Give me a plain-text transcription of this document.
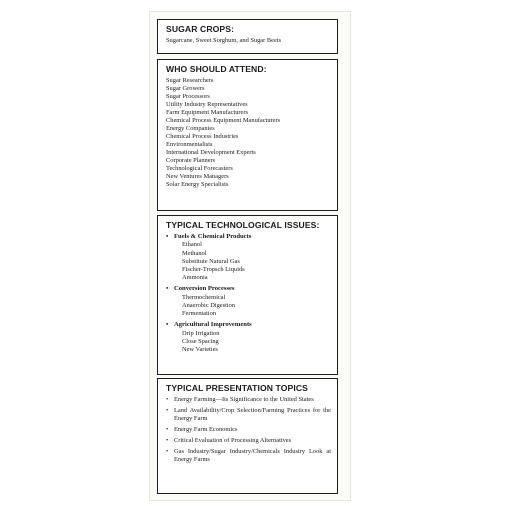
SUGAR CROPS:
Sugarcane, Sweet Sorghum, and Sugar Beets
WHO SHOULD ATTEND:
Sugar Researchers
Sugar Growers
Sugar Processors
Utility Industry Representatives
Farm Equipment Manufacturers
Chemical Process Equipment Manufacturers
Energy Companies
Chemical Process Industries
Environmentalists
International Development Experts
Corporate Planners
Technological Forecasters
New Ventures Managers
Solar Energy Specialists
TYPICAL TECHNOLOGICAL ISSUES:
• Fuels & Chemical Products
Ethanol
Methanol
Substitute Natural Gas
Fischer-Tropsch Liquids
Ammonia
• Conversion Processes
Thermochemical
Anaerobic Digestion
Fermentation
• Agricultural Improvements
Drip Irrigation
Close Spacing
New Varieties
TYPICAL PRESENTATION TOPICS
• Energy Farming—Its Significance to the United States
• Land Availability/Crop Selection/Farming Practices for the Energy Farm
• Energy Farm Economics
• Critical Evaluation of Processing Alternatives
• Gas Industry/Sugar Industry/Chemicals Industry Look at Energy Farms
